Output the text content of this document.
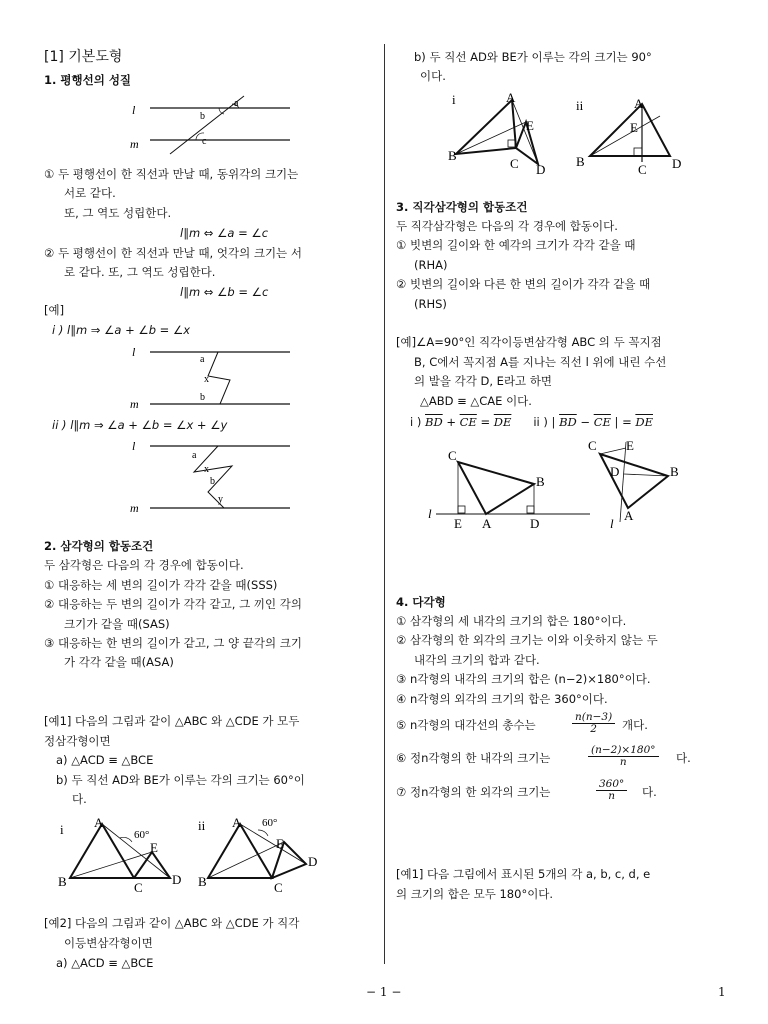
[1] 기본도형
1. 평행선의 성질
l
m
a
b
c
① 두 평행선이 한 직선과 만날 때, 동위각의 크기는
서로 같다.
또, 그 역도 성립한다.
l∥m ⇔ ∠a = ∠c
② 두 평행선이 한 직선과 만날 때, 엇각의 크기는 서
로 같다. 또, 그 역도 성립한다.
l∥m ⇔ ∠b = ∠c
[예]
i ) l∥m ⇒ ∠a + ∠b = ∠x
l
m
a
x
b
ii ) l∥m ⇒ ∠a + ∠b = ∠x + ∠y
l
m
a
x
b
y
2. 삼각형의 합동조건
두 삼각형은 다음의 각 경우에 합동이다.
① 대응하는 세 변의 길이가 각각 같을 때(SSS)
② 대응하는 두 변의 길이가 각각 같고, 그 끼인 각의
크기가 같을 때(SAS)
③ 대응하는 한 변의 길이가 같고, 그 양 끝각의 크기
가 각각 같을 때(ASA)
[예1] 다음의 그림과 같이 △ABC 와 △CDE 가 모두
정삼각형이면
a) △ACD ≡ △BCE
b) 두 직선 AD와 BE가 이루는 각의 크기는 60°이
다.
i A
60°
E
B	C
D
ii A 60°
E
D
B	C
[예2] 다음의 그림과 같이 △ABC 와 △CDE 가 직각
이등변삼각형이면
a) △ACD ≡ △BCE
b) 두 직선 AD와 BE가 이루는 각의 크기는 90°
이다.
i	A
E
B
C D
ii	A
E
B
C D
3. 직각삼각형의 합동조건
두 직각삼각형은 다음의 각 경우에 합동이다.
① 빗변의 길이와 한 예각의 크기가 각각 같을 때
(RHA)
② 빗변의 길이와 다른 한 변의 길이가 각각 같을 때
(RHS)
[예]∠A=90°인 직각이등변삼각형 ABC 의 두 꼭지점
B, C에서 꼭지점 A를 지나는 직선 l 위에 내린 수선
의 발을 각각 D, E라고 하면
△ABD ≡ △CAE 이다.
i ) $\overline{BD} + \overline{CE} = \overline{DE}$ ii ) | $\overline{BD} - \overline{CE}$ | = $\overline{DE}$
C
B
l
E A	D
C E
D	B
A
l
4. 다각형
① 삼각형의 세 내각의 크기의 합은 180°이다.
② 삼각형의 한 외각의 크기는 이와 이웃하지 않는 두
내각의 크기의 합과 같다.
③ n각형의 내각의 크기의 합은 (n−2)×180°이다.
④ n각형의 외각의 크기의 합은 360°이다.
⑤ n각형의 대각선의 총수는	$\frac{n(n-3)}{2}$ 개다.
⑥ 정n각형의 한 내각의 크기는	$\frac{(n-2)\times 180^\circ}{n}$ 다.
⑦ 정n각형의 한 외각의 크기는	$\frac{360^\circ}{n}$ 다.
[예1] 다음 그림에서 표시된 5개의 각 a, b, c, d, e
의 크기의 합은 모두 180°이다.
− 1 −	1
